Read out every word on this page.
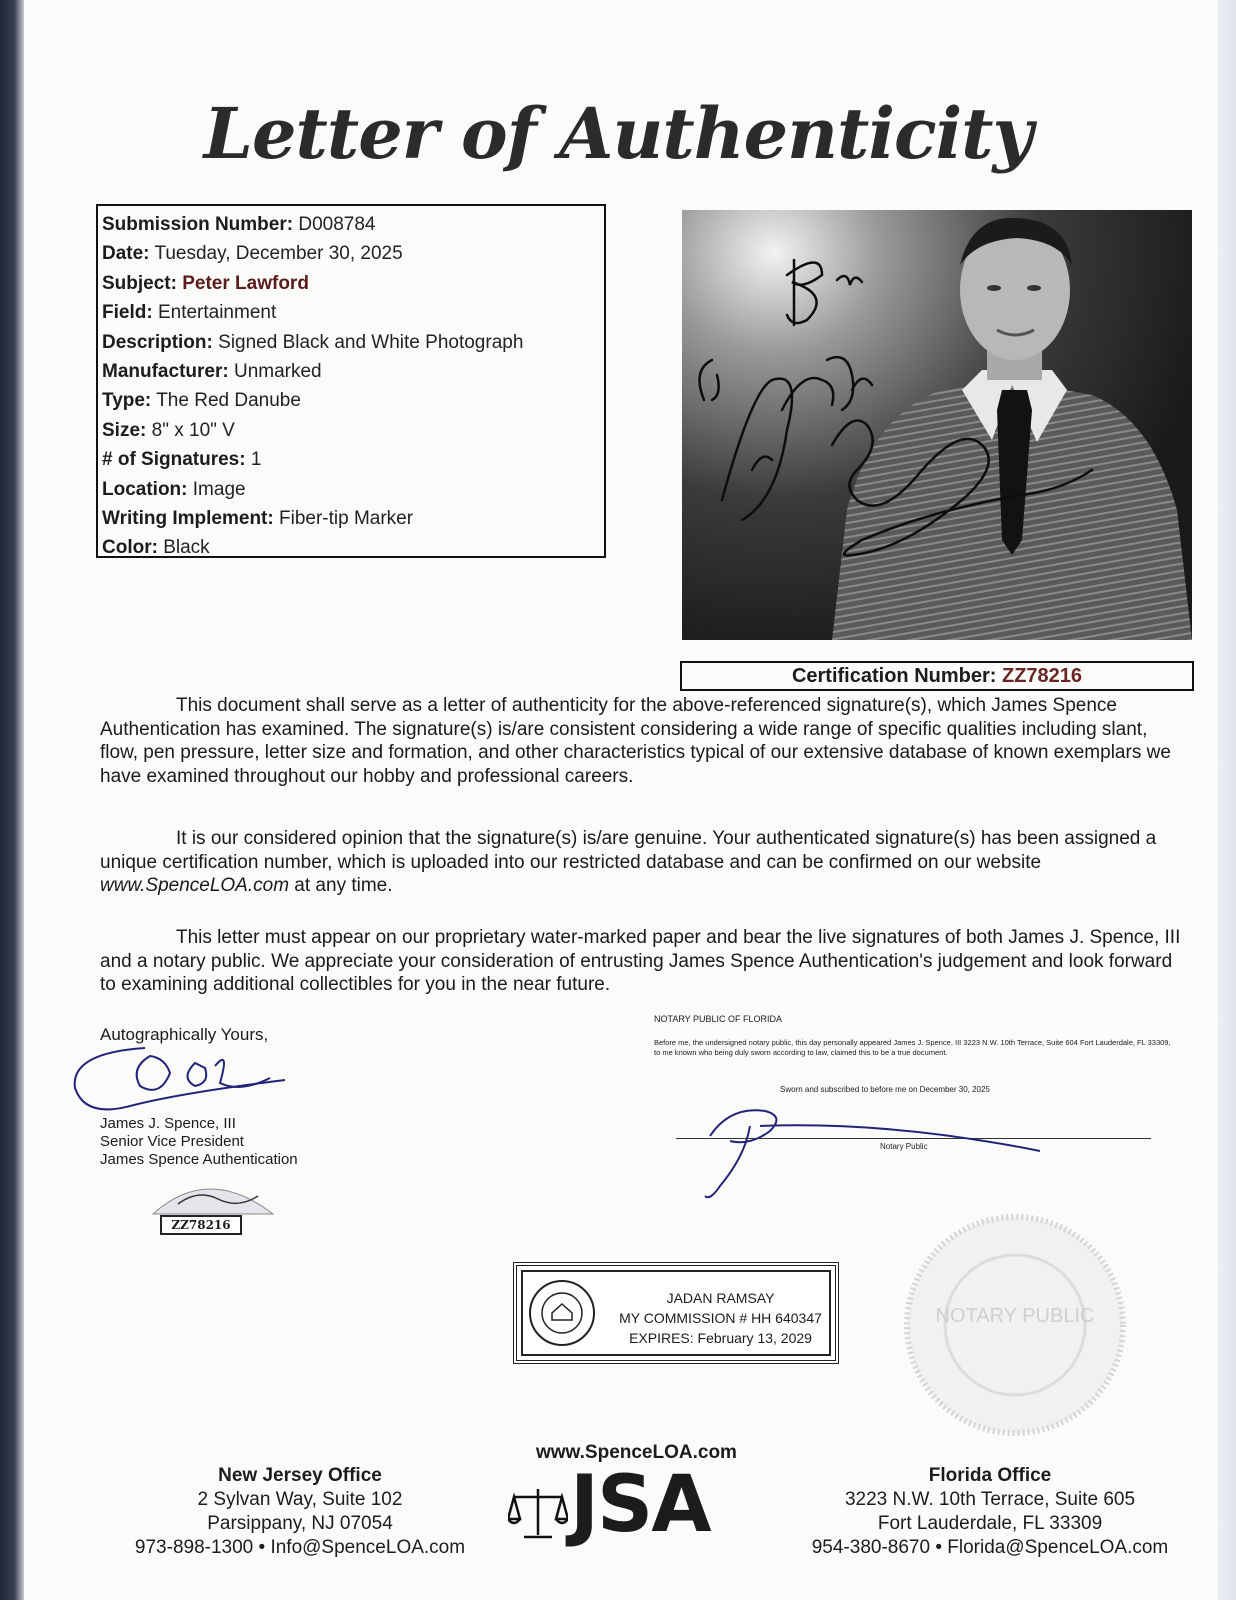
Letter of Authenticity
Submission Number: D008784
Date: Tuesday, December 30, 2025
Subject: Peter Lawford
Field: Entertainment
Description: Signed Black and White Photograph
Manufacturer: Unmarked
Type: The Red Danube
Size: 8" x 10" V
# of Signatures: 1
Location: Image
Writing Implement: Fiber-tip Marker
Color: Black
Certification Number: ZZ78216
This document shall serve as a letter of authenticity for the above-referenced signature(s), which James Spence Authentication has examined. The signature(s) is/are consistent considering a wide range of specific qualities including slant, flow, pen pressure, letter size and formation, and other characteristics typical of our extensive database of known exemplars we have examined throughout our hobby and professional careers.
It is our considered opinion that the signature(s) is/are genuine. Your authenticated signature(s) has been assigned a unique certification number, which is uploaded into our restricted database and can be confirmed on our website www.SpenceLOA.com at any time.
This letter must appear on our proprietary water-marked paper and bear the live signatures of both James J. Spence, III and a notary public. We appreciate your consideration of entrusting James Spence Authentication's judgement and look forward to examining additional collectibles for you in the near future.
Autographically Yours,
James J. Spence, III
Senior Vice President
James Spence Authentication
ZZ78216
NOTARY PUBLIC OF FLORIDA
Before me, the undersigned notary public, this day personally appeared James J. Spence, III 3223 N.W. 10th Terrace, Suite 604 Fort Lauderdale, FL 33309, to me known who being duly sworn according to law, claimed this to be a true document.
Sworn and subscribed to before me on December 30, 2025
Notary Public
JADAN RAMSAY
MY COMMISSION # HH 640347
EXPIRES: February 13, 2029
NOTARY PUBLIC
www.SpenceLOA.com
JSA
New Jersey Office
2 Sylvan Way, Suite 102
Parsippany, NJ 07054
973-898-1300 • Info@SpenceLOA.com
Florida Office
3223 N.W. 10th Terrace, Suite 605
Fort Lauderdale, FL 33309
954-380-8670 • Florida@SpenceLOA.com
